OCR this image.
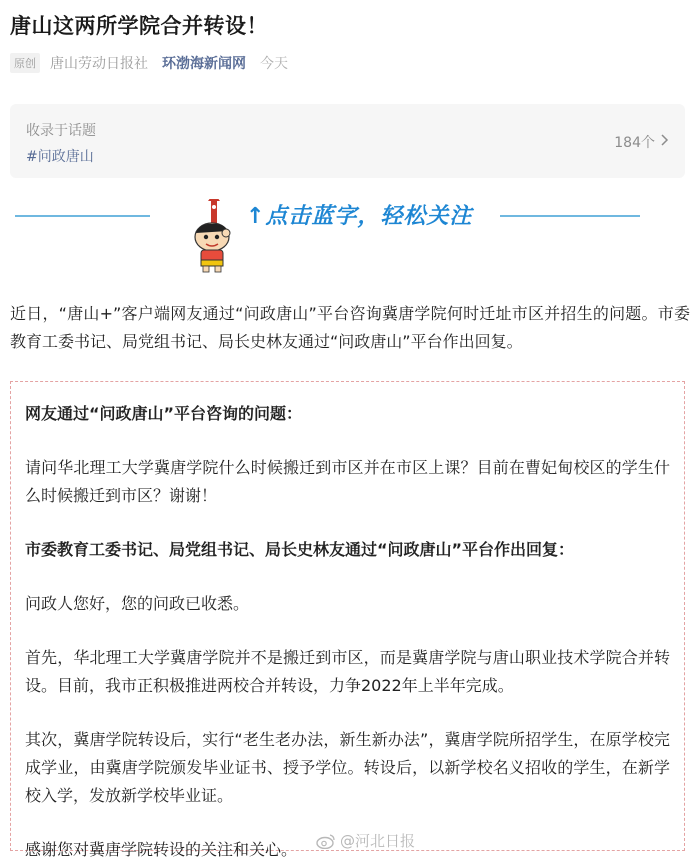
唐山这两所学院合并转设！
原创 唐山劳动日报社 环渤海新闻网 今天
收录于话题
#问政唐山
184个
↑点击蓝字，轻松关注
近日，“唐山+”客户端网友通过“问政唐山”平台咨询冀唐学院何时迁址市区并招生的问题。市委教育工委书记、局党组书记、局长史林友通过“问政唐山”平台作出回复。

网友通过“问政唐山”平台咨询的问题：

请问华北理工大学冀唐学院什么时候搬迁到市区并在市区上课？目前在曹妃甸校区的学生什么时候搬迁到市区？谢谢！

市委教育工委书记、局党组书记、局长史林友通过“问政唐山”平台作出回复：

问政人您好，您的问政已收悉。

首先，华北理工大学冀唐学院并不是搬迁到市区，而是冀唐学院与唐山职业技术学院合并转设。目前，我市正积极推进两校合并转设，力争2022年上半年完成。

其次，冀唐学院转设后，实行“老生老办法，新生新办法”，冀唐学院所招学生，在原学校完成学业，由冀唐学院颁发毕业证书、授予学位。转设后，以新学校名义招收的学生，在新学校入学，发放新学校毕业证。

感谢您对冀唐学院转设的关注和关心。	@河北日报
